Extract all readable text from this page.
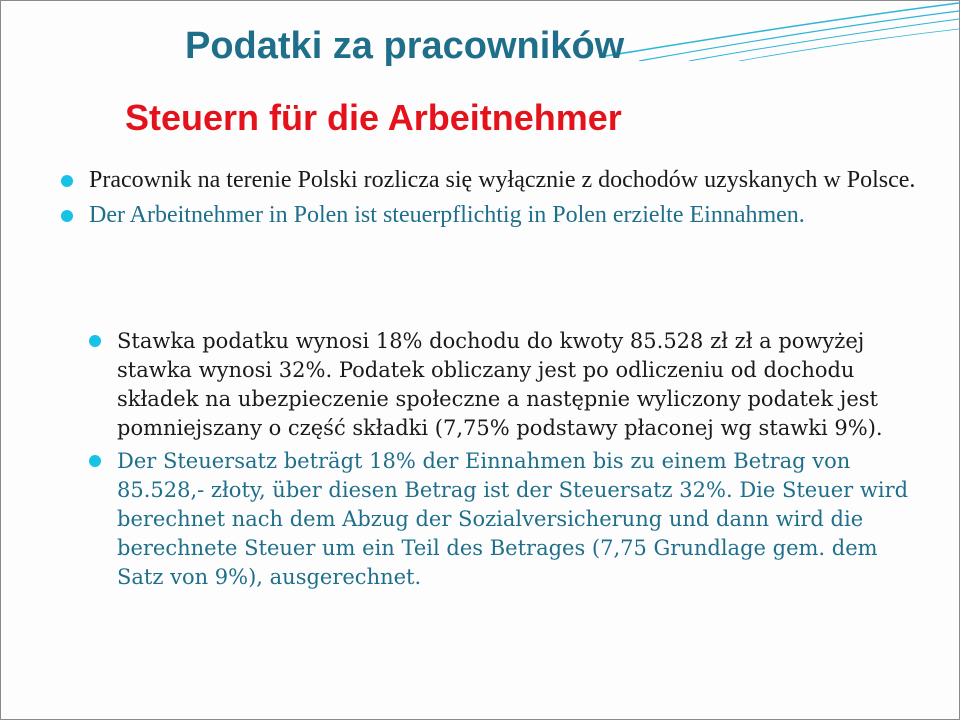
Podatki za pracowników
Steuern für die Arbeitnehmer
Pracownik na terenie Polski rozlicza się wyłącznie z dochodów uzyskanych w Polsce.
Der Arbeitnehmer in Polen ist steuerpflichtig in Polen erzielte Einnahmen.
Stawka podatku wynosi 18% dochodu do kwoty 85.528 zł zł a powyżej stawka wynosi 32%. Podatek obliczany jest po odliczeniu od dochodu składek na ubezpieczenie społeczne a następnie wyliczony podatek jest pomniejszany o część składki (7,75% podstawy płaconej wg stawki 9%).
Der Steuersatz beträgt 18% der Einnahmen bis zu einem Betrag von 85.528,- złoty, über diesen Betrag ist der Steuersatz 32%. Die Steuer wird berechnet nach dem Abzug der Sozialversicherung und dann wird die berechnete Steuer um ein Teil des Betrages (7,75 Grundlage gem. dem Satz von 9%), ausgerechnet.
